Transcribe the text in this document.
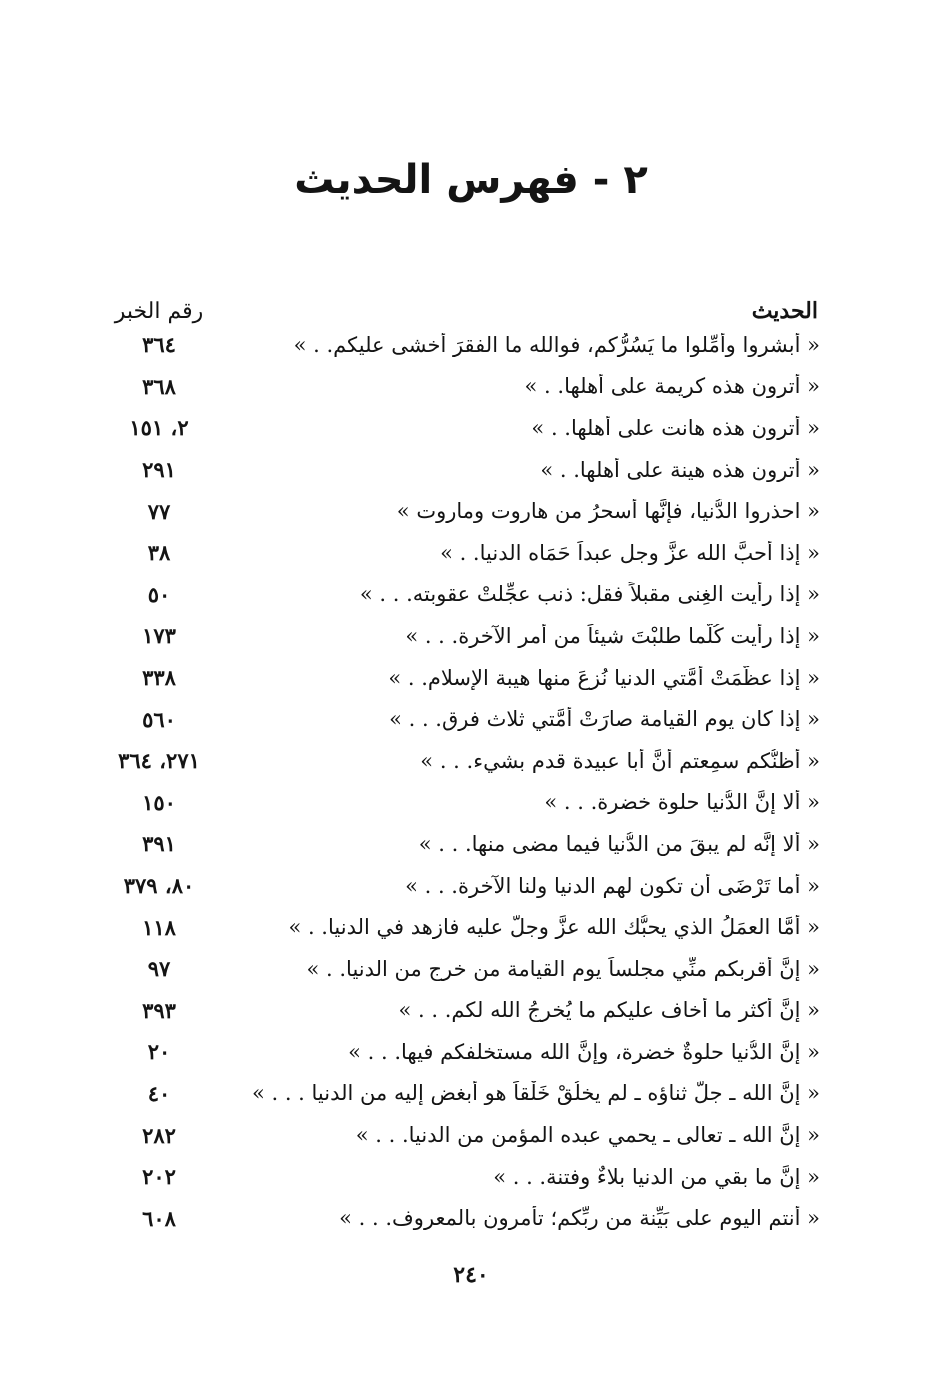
٢ - فهرس الحديث
الحديث
رقم الخبر
« أبشروا وأمِّلوا ما يَسُرُّكم، فوالله ما الفقرَ أخشى عليكم. . »
٣٦٤
« أترون هذه كريمة على أهلها. . »
٣٦٨
« أترون هذه هانت على أهلها. . »
٢، ١٥١
« أترون هذه هينة على أهلها. . »
٢٩١
« احذروا الدُّنيا، فإنَّها أسحرُ من هاروت وماروت »
٧٧
« إذا أحبَّ الله عزَّ وجل عبداً حَمَاه الدنيا. . »
٣٨
« إذا رأيت الغِنى مقبلاً فقل: ذنب عجِّلتْ عقوبته. . . »
٥٠
« إذا رأيت كُلَّما طلبْتَ شيئاً من أمر الآخرة. . . »
١٧٣
« إذا عظَّمَتْ أمَّتي الدنيا نُزِعَ منها هيبة الإسلام. . »
٣٣٨
« إذا كان يوم القيامة صارَتْ أمَّتي ثلاث فرق. . . »
٥٦٠
« أظنُّكم سمِعتم أنَّ أبا عبيدة قدم بشيء. . . »
٢٧١، ٣٦٤
« ألا إنَّ الدُّنيا حلوة خضرة. . . »
١٥٠
« ألا إنَّه لم يبقَ من الدُّنيا فيما مضى منها. . . »
٣٩١
« أما تَرْضَى أن تكون لهم الدنيا ولنا الآخرة. . . »
٨٠، ٣٧٩
« أمَّا العمَلُ الذي يحبُّك الله عزَّ وجلَّ عليه فازهد في الدنيا. . »
١١٨
« إنَّ أقربكم منِّي مجلساً يوم القيامة من خرج من الدنيا. . »
٩٧
« إنَّ أكثر ما أخاف عليكم ما يُخرجُ الله لكم. . . »
٣٩٣
« إنَّ الدُّنيا حلوةٌ خضرة، وإنَّ الله مستخلفكم فيها. . . »
٢٠
« إنَّ الله ـ جلَّ ثناؤه ـ لم يخلُقْ خَلْقاً هو أبغض إليه من الدنيا . . . »
٤٠
« إنَّ الله ـ تعالى ـ يحمي عبده المؤمن من الدنيا. . . »
٢٨٢
« إنَّ ما بقي من الدنيا بلاءٌ وفتنة. . . »
٢٠٢
« أنتم اليوم على بَيِّنة من ربِّكم؛ تأمرون بالمعروف. . . »
٦٠٨
٢٤٠
